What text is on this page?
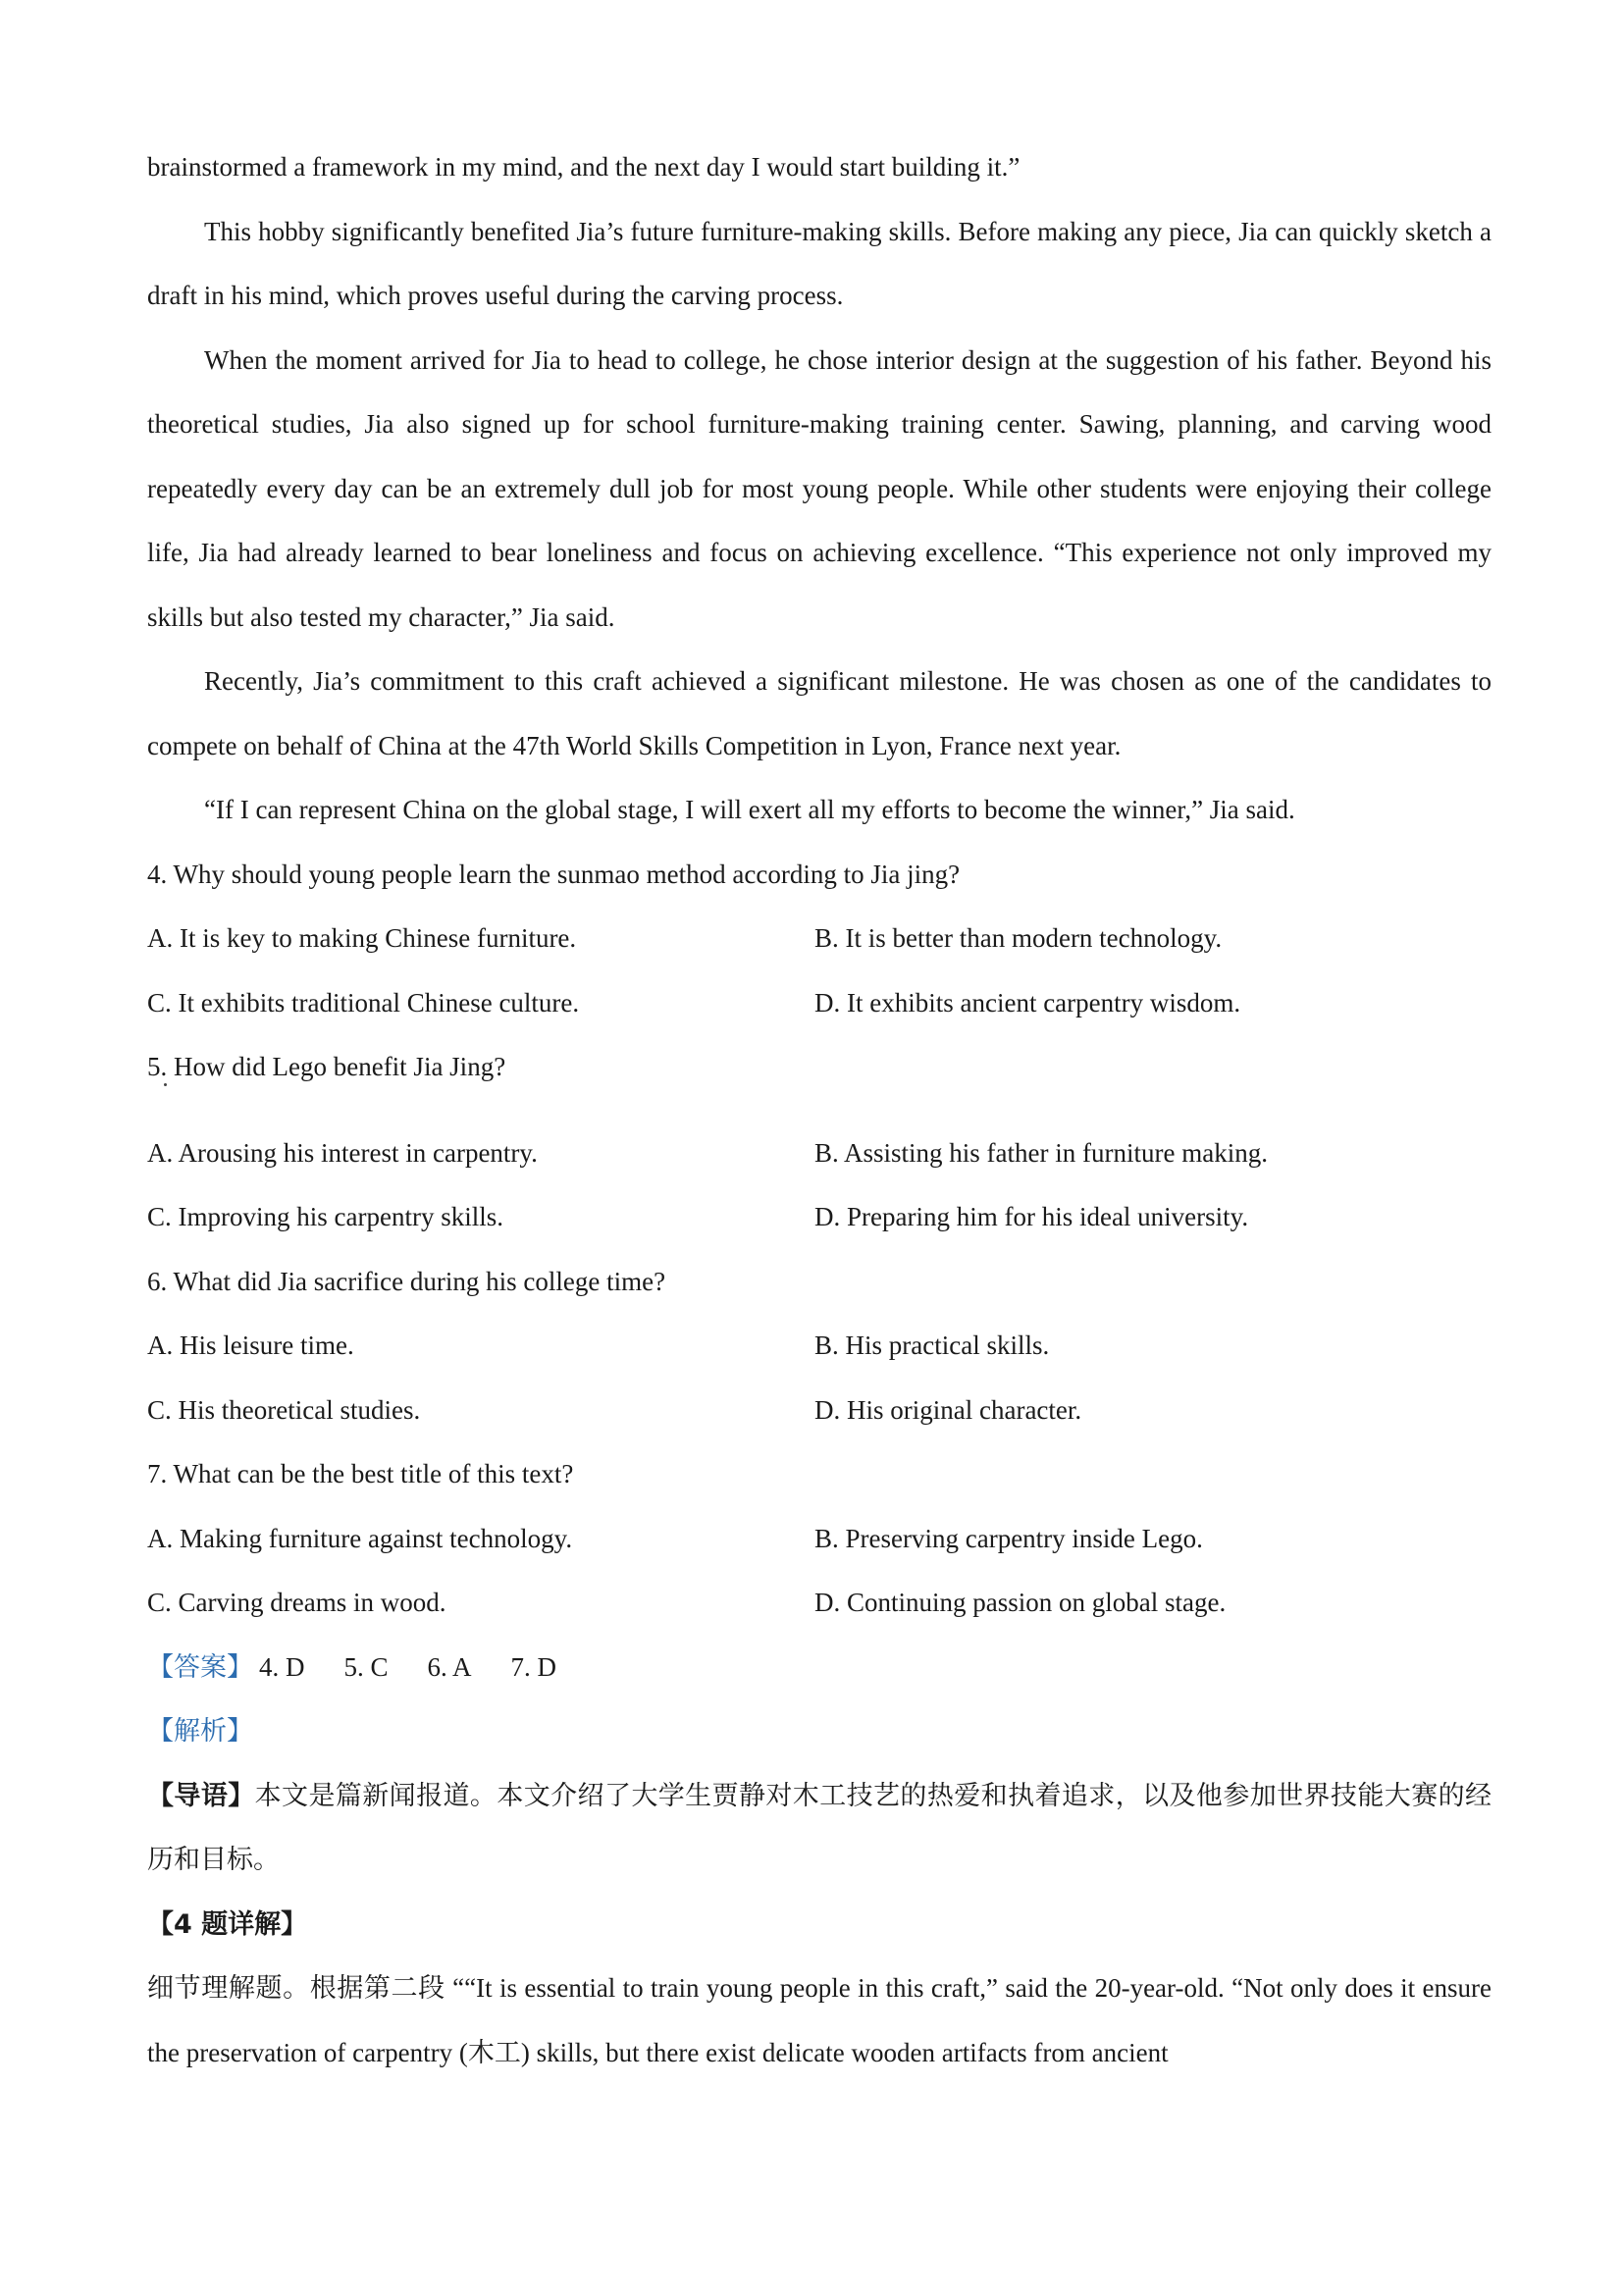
brainstormed a framework in my mind, and the next day I would start building it.”

This hobby significantly benefited Jia’s future furniture-making skills. Before making any piece, Jia can quickly sketch a draft in his mind, which proves useful during the carving process.

When the moment arrived for Jia to head to college, he chose interior design at the suggestion of his father. Beyond his theoretical studies, Jia also signed up for school furniture-making training center. Sawing, planning, and carving wood repeatedly every day can be an extremely dull job for most young people. While other students were enjoying their college life, Jia had already learned to bear loneliness and focus on achieving excellence. “This experience not only improved my skills but also tested my character,” Jia said.

Recently, Jia’s commitment to this craft achieved a significant milestone. He was chosen as one of the candidates to compete on behalf of China at the 47th World Skills Competition in Lyon, France next year.

“If I can represent China on the global stage, I will exert all my efforts to become the winner,” Jia said.

4. Why should young people learn the sunmao method according to Jia jing?

A. It is key to making Chinese furniture.	B. It is better than modern technology.

C. It exhibits traditional Chinese culture.	D. It exhibits ancient carpentry wisdom.

5. How did Lego benefit Jia Jing?

A. Arousing his interest in carpentry.	B. Assisting his father in furniture making.

C. Improving his carpentry skills.	D. Preparing him for his ideal university.

6. What did Jia sacrifice during his college time?

A. His leisure time.	B. His practical skills.

C. His theoretical studies.	D. His original character.

7. What can be the best title of this text?

A. Making furniture against technology.	B. Preserving carpentry inside Lego.

C. Carving dreams in wood.	D. Continuing passion on global stage.

【答案】 4. D 5. C 6. A 7. D

【解析】

【导语】本文是篇新闻报道。本文介绍了大学生贾静对木工技艺的热爱和执着追求，以及他参加世界技能大赛的经历和目标。

【4 题详解】

细节理解题。根据第二段 ““It is essential to train young people in this craft,” said the 20-year-old. “Not only does it ensure the preservation of carpentry (木工) skills, but there exist delicate wooden artifacts from ancient
